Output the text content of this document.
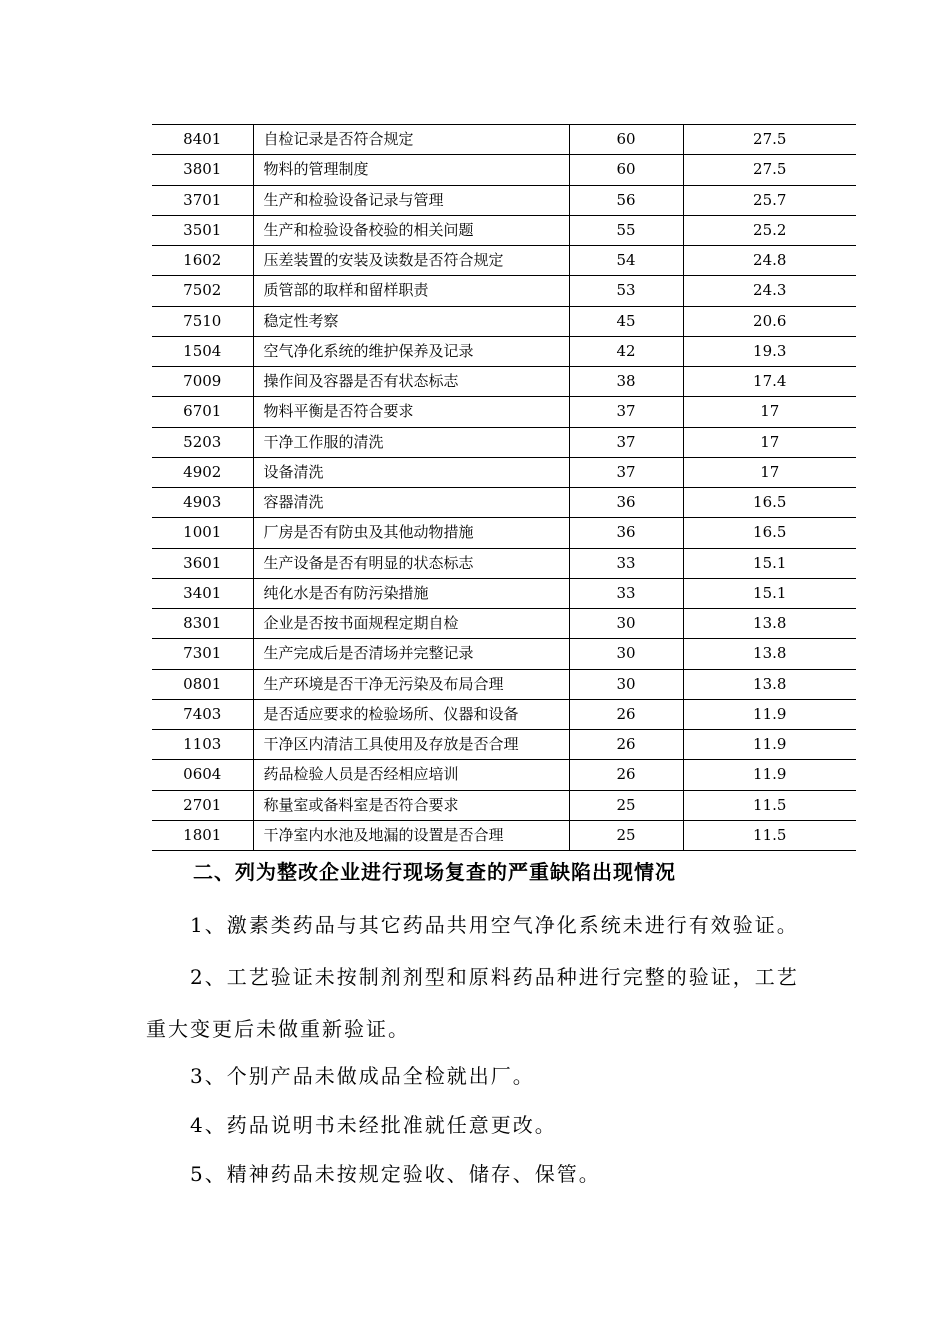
8401	自检记录是否符合规定	60	27.5
3801	物料的管理制度	60	27.5
3701	生产和检验设备记录与管理	56	25.7
3501	生产和检验设备校验的相关问题	55	25.2
1602	压差装置的安装及读数是否符合规定	54	24.8
7502	质管部的取样和留样职责	53	24.3
7510	稳定性考察	45	20.6
1504	空气净化系统的维护保养及记录	42	19.3
7009	操作间及容器是否有状态标志	38	17.4
6701	物料平衡是否符合要求	37	17
5203	干净工作服的清洗	37	17
4902	设备清洗	37	17
4903	容器清洗	36	16.5
1001	厂房是否有防虫及其他动物措施	36	16.5
3601	生产设备是否有明显的状态标志	33	15.1
3401	纯化水是否有防污染措施	33	15.1
8301	企业是否按书面规程定期自检	30	13.8
7301	生产完成后是否清场并完整记录	30	13.8
0801	生产环境是否干净无污染及布局合理	30	13.8
7403	是否适应要求的检验场所、仪器和设备	26	11.9
1103	干净区内清洁工具使用及存放是否合理	26	11.9
0604	药品检验人员是否经相应培训	26	11.9
2701	称量室或备料室是否符合要求	25	11.5
1801	干净室内水池及地漏的设置是否合理	25	11.5
二、列为整改企业进行现场复查的严重缺陷出现情况
1、激素类药品与其它药品共用空气净化系统未进行有效验证。
2、工艺验证未按制剂剂型和原料药品种进行完整的验证，工艺
重大变更后未做重新验证。
3、个别产品未做成品全检就出厂。
4、药品说明书未经批准就任意更改。
5、精神药品未按规定验收、储存、保管。
